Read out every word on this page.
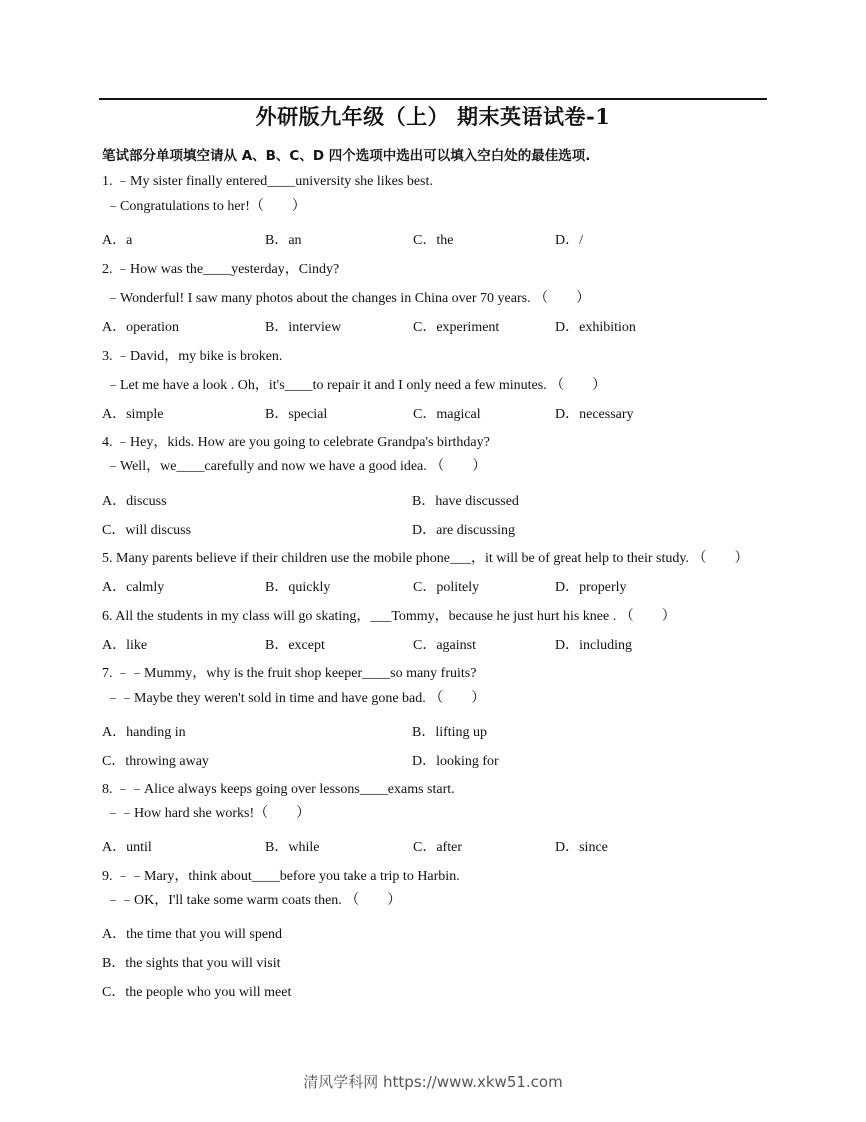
外研版九年级（上） 期末英语试卷-1
笔试部分单项填空请从 A、B、C、D 四个选项中选出可以填入空白处的最佳选项.
1. ﹣My sister finally entered____university she likes best.
﹣Congratulations to her!（　　）
A．a	B．an	C．the	D．/
2. ﹣How was the____yesterday，Cindy?
﹣Wonderful! I saw many photos about the changes in China over 70 years. （　　）
A．operation	B．interview	C．experiment	D．exhibition
3. ﹣David，my bike is broken.
﹣Let me have a look . Oh，it's____to repair it and I only need a few minutes. （　　）
A．simple	B．special	C．magical	D．necessary
4. ﹣Hey，kids. How are you going to celebrate Grandpa's birthday?
﹣Well，we____carefully and now we have a good idea. （　　）
A．discuss	B．have discussed
C．will discuss	D．are discussing
5. Many parents believe if their children use the mobile phone___，it will be of great help to their study. （　　）
A．calmly	B．quickly	C．politely	D．properly
6. All the students in my class will go skating，___Tommy，because he just hurt his knee . （　　）
A．like	B．except	C．against	D．including
7. ﹣﹣Mummy，why is the fruit shop keeper____so many fruits?
﹣﹣Maybe they weren't sold in time and have gone bad. （　　）
A．handing in	B．lifting up
C．throwing away	D．looking for
8. ﹣﹣Alice always keeps going over lessons____exams start.
﹣﹣How hard she works!（　　）
A．until	B．while	C．after	D．since
9. ﹣﹣Mary，think about____before you take a trip to Harbin.
﹣﹣OK，I'll take some warm coats then. （　　）
A．the time that you will spend
B．the sights that you will visit
C．the people who you will meet
清风学科网 https://www.xkw51.com
